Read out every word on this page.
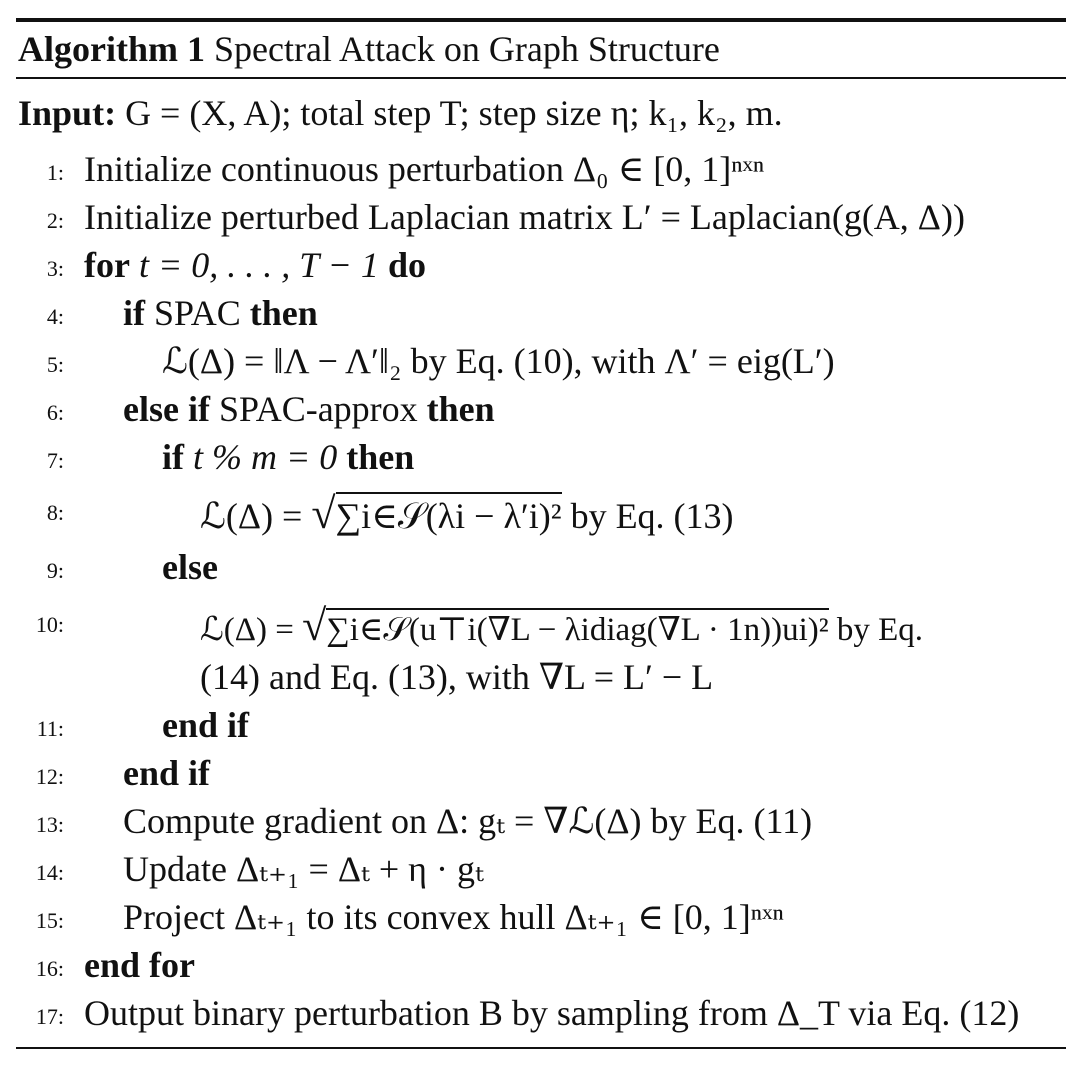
Algorithm 1 Spectral Attack on Graph Structure
Input: G = (X, A); total step T; step size η; k₁, k₂, m.
1: Initialize continuous perturbation Δ₀ ∈ [0, 1]ⁿˣⁿ
2: Initialize perturbed Laplacian matrix L′ = Laplacian(g(A, Δ))
3: for t = 0, . . . , T − 1 do
4: if SPAC then
5:	ℒ(Δ) = ‖Λ − Λ′‖₂ by Eq. (10), with Λ′ = eig(L′)
6: else if SPAC-approx then
7:	if t % m = 0 then
8:	ℒ(Δ) = √∑i∈𝒮(λi − λ′i)² by Eq. (13)
9:	else
10:	ℒ(Δ) = √∑i∈𝒮(u⊤i(∇L − λidiag(∇L · 1n))ui)² by Eq.
(14) and Eq. (13), with ∇L = L′ − L
11:	end if
12: end if
13: Compute gradient on Δ: gₜ = ∇ℒ(Δ) by Eq. (11)
14: Update Δₜ₊₁ = Δₜ + η · gₜ
15: Project Δₜ₊₁ to its convex hull Δₜ₊₁ ∈ [0, 1]ⁿˣⁿ
16: end for
17: Output binary perturbation B by sampling from Δ_T via Eq. (12)
